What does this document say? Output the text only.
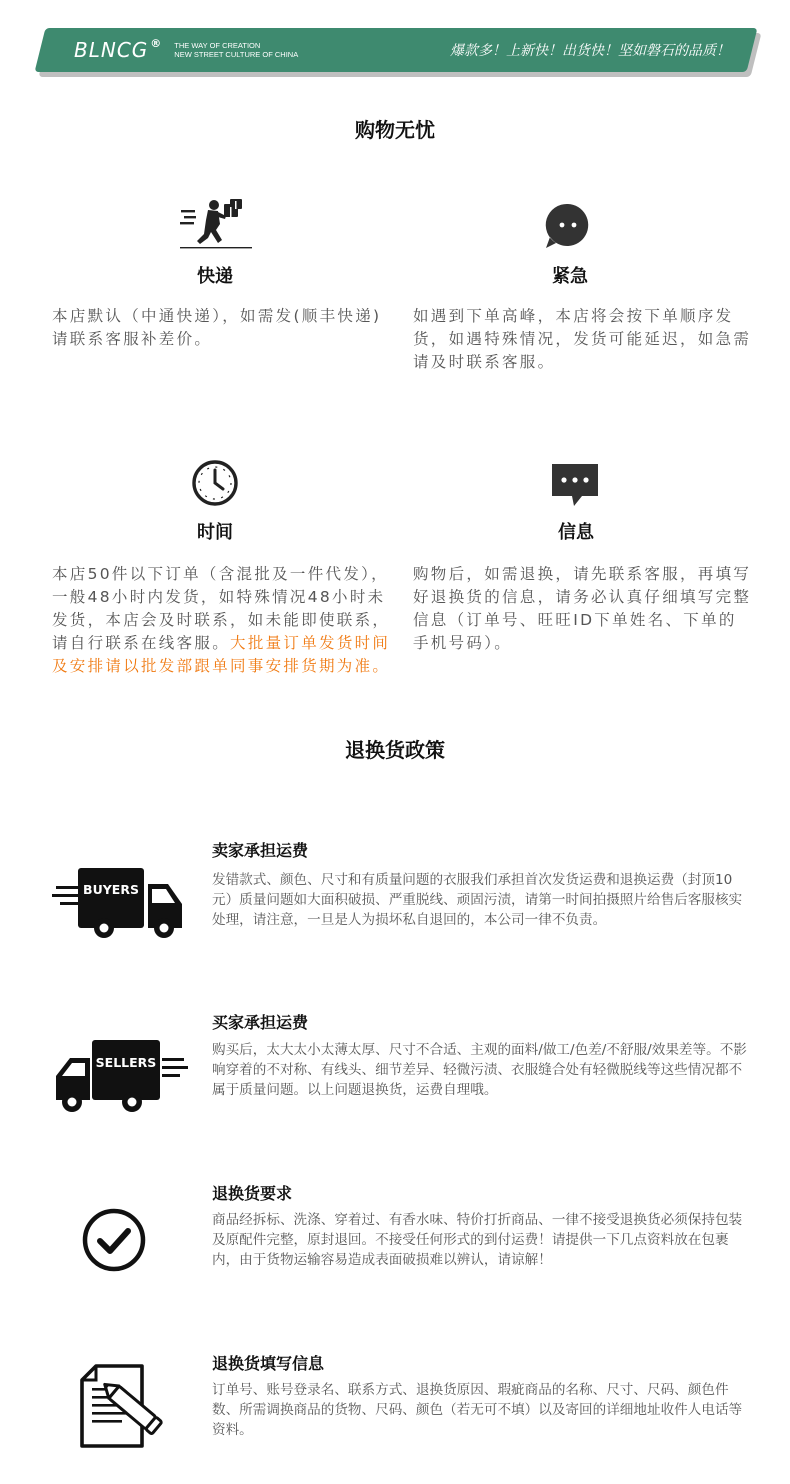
BLNCG ® THE WAY OF CREATION
NEW STREET CULTURE OF CHINA	爆款多！上新快！出货快！坚如磐石的品质！
购物无忧
快递
本店默认（中通快递），如需发(顺丰快递)请联系客服补差价。
紧急
如遇到下单高峰，本店将会按下单顺序发货，如遇特殊情况，发货可能延迟，如急需请及时联系客服。
时间
本店50件以下订单（含混批及一件代发），一般48小时内发货，如特殊情况48小时未发货，本店会及时联系，如未能即使联系，请自行联系在线客服。大批量订单发货时间及安排请以批发部跟单同事安排货期为准。
信息
购物后，如需退换，请先联系客服，再填写好退换货的信息，请务必认真仔细填写完整信息（订单号、旺旺ID下单姓名、下单的手机号码）。
退换货政策
BUYERS
卖家承担运费
发错款式、颜色、尺寸和有质量问题的衣服我们承担首次发货运费和退换运费（封顶10元）质量问题如大面积破损、严重脱线、顽固污渍，请第一时间拍摄照片给售后客服核实处理，请注意，一旦是人为损坏私自退回的，本公司一律不负责。
SELLERS
买家承担运费
购买后，太大太小太薄太厚、尺寸不合适、主观的面料/做工/色差/不舒服/效果差等。不影响穿着的不对称、有线头、细节差异、轻微污渍、衣服缝合处有轻微脱线等这些情况都不属于质量问题。以上问题退换货，运费自理哦。
退换货要求
商品经拆标、洗涤、穿着过、有香水味、特价打折商品、一律不接受退换货必须保持包装及原配件完整，原封退回。不接受任何形式的到付运费！请提供一下几点资料放在包裹内，由于货物运输容易造成表面破损难以辨认，请谅解！
退换货填写信息
订单号、账号登录名、联系方式、退换货原因、瑕疵商品的名称、尺寸、尺码、颜色件数、所需调换商品的货物、尺码、颜色（若无可不填）以及寄回的详细地址收件人电话等资料。
